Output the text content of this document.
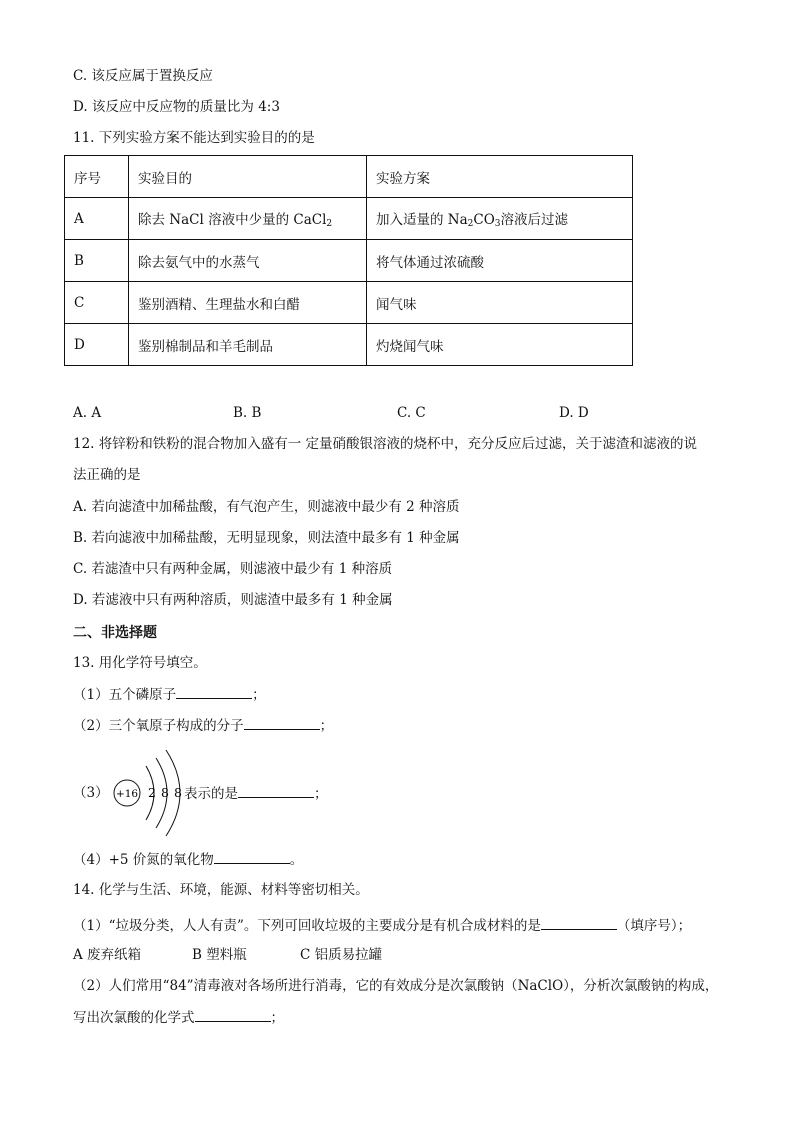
C. 该反应属于置换反应
D. 该反应中反应物的质量比为 4:3
11. 下列实验方案不能达到实验目的的是
序号	实验目的	实验方案
A	除去 NaCl 溶液中少量的 CaCl$_2$	加入适量的 $Na_2CO_3$溶液后过滤
B	除去氨气中的水蒸气	将气体通过浓硫酸
C	鉴别酒精、生理盐水和白醋	闻气味
D	鉴别棉制品和羊毛制品	灼烧闻气味
A. A	B. B	C. C	D. D
12. 将锌粉和铁粉的混合物加入盛有一 定量硝酸银溶液的烧杯中，充分反应后过滤，关于滤渣和滤液的说
法正确的是
A. 若向滤渣中加稀盐酸，有气泡产生，则滤液中最少有 2 种溶质
B. 若向滤液中加稀盐酸，无明显现象，则法渣中最多有 1 种金属
C. 若滤渣中只有两种金属，则滤液中最少有 1 种溶质
D. 若滤液中只有两种溶质，则滤渣中最多有 1 种金属
二、非选择题
13. 用化学符号填空。
（1）五个磷原子	；
（2）三个氧原子构成的分子	；
（3） +16 2 8 8 表示的是	；
（4）+5 价氮的氧化物	。
14. 化学与生活、环境，能源、材料等密切相关。
（1）“垃圾分类，人人有责”。下列可回收垃圾的主要成分是有机合成材料的是	（填序号）；
A 废弃纸箱	B 塑料瓶	C 铝质易拉罐
（2）人们常用“84”清毒液对各场所进行消毒，它的有效成分是次氯酸钠（NaClO），分析次氯酸钠的构成，
写出次氯酸的化学式	；
